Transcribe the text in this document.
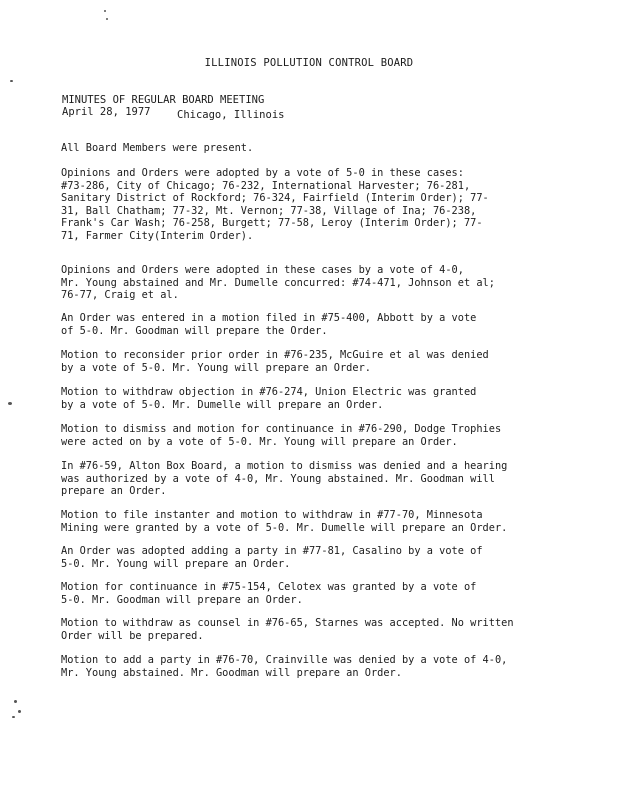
ILLINOIS POLLUTION CONTROL BOARD
MINUTES OF REGULAR BOARD MEETING
April 28, 1977	Chicago, Illinois
All Board Members were present.
Opinions and Orders were adopted by a vote of 5-0 in these cases:
#73-286, City of Chicago; 76-232, International Harvester; 76-281,
Sanitary District of Rockford; 76-324, Fairfield (Interim Order); 77-
31, Ball Chatham; 77-32, Mt. Vernon; 77-38, Village of Ina; 76-238,
Frank's Car Wash; 76-258, Burgett; 77-58, Leroy (Interim Order); 77-
71, Farmer City(Interim Order).
Opinions and Orders were adopted in these cases by a vote of 4-0,
Mr. Young abstained and Mr. Dumelle concurred: #74-471, Johnson et al;
76-77, Craig et al.
An Order was entered in a motion filed in #75-400, Abbott by a vote
of 5-0. Mr. Goodman will prepare the Order.
Motion to reconsider prior order in #76-235, McGuire et al was denied
by a vote of 5-0. Mr. Young will prepare an Order.
Motion to withdraw objection in #76-274, Union Electric was granted
by a vote of 5-0. Mr. Dumelle will prepare an Order.
Motion to dismiss and motion for continuance in #76-290, Dodge Trophies
were acted on by a vote of 5-0. Mr. Young will prepare an Order.
In #76-59, Alton Box Board, a motion to dismiss was denied and a hearing
was authorized by a vote of 4-0, Mr. Young abstained. Mr. Goodman will
prepare an Order.
Motion to file instanter and motion to withdraw in #77-70, Minnesota
Mining were granted by a vote of 5-0. Mr. Dumelle will prepare an Order.
An Order was adopted adding a party in #77-81, Casalino by a vote of
5-0. Mr. Young will prepare an Order.
Motion for continuance in #75-154, Celotex was granted by a vote of
5-0. Mr. Goodman will prepare an Order.
Motion to withdraw as counsel in #76-65, Starnes was accepted. No written
Order will be prepared.
Motion to add a party in #76-70, Crainville was denied by a vote of 4-0,
Mr. Young abstained. Mr. Goodman will prepare an Order.
